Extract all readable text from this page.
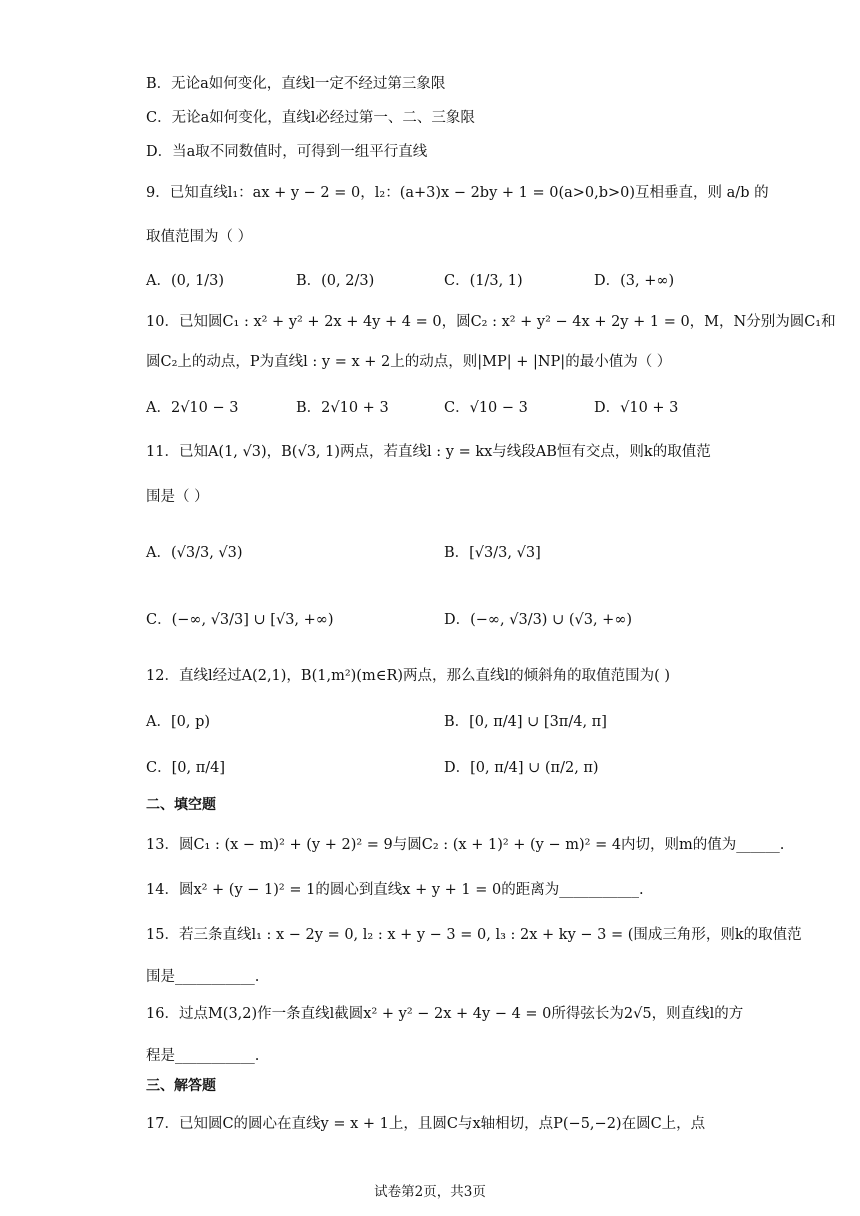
B．无论a如何变化，直线l一定不经过第三象限
C．无论a如何变化，直线l必经过第一、二、三象限
D．当a取不同数值时，可得到一组平行直线
9．已知直线l₁：ax + y − 2 = 0，l₂：(a+3)x − 2by + 1 = 0(a>0,b>0)互相垂直，则 a/b 的
取值范围为（ ）
A．(0, 1/3)	B．(0, 2/3)	C．(1/3, 1)	D．(3, +∞)
10．已知圆C₁ : x² + y² + 2x + 4y + 4 = 0，圆C₂ : x² + y² − 4x + 2y + 1 = 0，M，N分别为圆C₁和
圆C₂上的动点，P为直线l : y = x + 2上的动点，则|MP| + |NP|的最小值为（ ）
A．2√10 − 3	B．2√10 + 3	C．√10 − 3	D．√10 + 3
11．已知A(1, √3)，B(√3, 1)两点，若直线l : y = kx与线段AB恒有交点，则k的取值范
围是（ ）
A．(√3/3, √3)	B．[√3/3, √3]
C．(−∞, √3/3] ∪ [√3, +∞)	D．(−∞, √3/3) ∪ (√3, +∞)
12．直线l经过A(2,1)，B(1,m²)(m∈R)两点，那么直线l的倾斜角的取值范围为( )
A．[0, p)	B．[0, π/4] ∪ [3π/4, π]
C．[0, π/4]	D．[0, π/4] ∪ (π/2, π)
二、填空题
13．圆C₁ : (x − m)² + (y + 2)² = 9与圆C₂ : (x + 1)² + (y − m)² = 4内切，则m的值为______.
14．圆x² + (y − 1)² = 1的圆心到直线x + y + 1 = 0的距离为___________.
15．若三条直线l₁ : x − 2y = 0, l₂ : x + y − 3 = 0, l₃ : 2x + ky − 3 = (围成三角形，则k的取值范
围是___________.
16．过点M(3,2)作一条直线l截圆x² + y² − 2x + 4y − 4 = 0所得弦长为2√5，则直线l的方
程是___________.
三、解答题
17．已知圆C的圆心在直线y = x + 1上，且圆C与x轴相切，点P(−5,−2)在圆C上，点
试卷第2页，共3页
